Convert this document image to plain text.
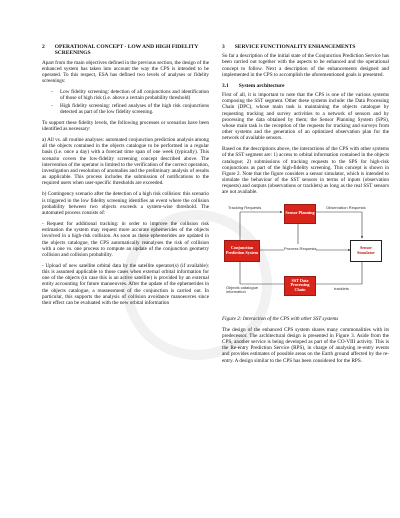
2 OPERATIONAL CONCEPT - LOW AND HIGH FIDELITY SCREENINGS

Apart from the main objectives defined in the previous section, the design of the enhanced system has taken into account the way the CPS is intended to be operated. To this respect, ESA has defined two levels of analyses or fidelity screenings:

- Low fidelity screening: detection of all conjunctions and identification of those of high risk (i.e. above a certain probability threshold)
- High fidelity screening: refined analyses of the high risk conjunctions detected as part of the low fidelity screening.

To support these fidelity levels, the following processes or scenarios have been identified as necessary:

a) All vs. all routine analyses: automated conjunction prediction analysis among all the objects contained in the objects catalogue to be performed in a regular basis (i.e. once a day) with a forecast time span of one week (typically). This scenario covers the low-fidelity screening concept described above. The intervention of the operator is limited to the verification of the correct operation, investigation and resolution of anomalies and the preliminary analysis of results as applicable. This process includes the submission of notifications to the required users when user-specific thresholds are exceeded.

b) Contingency scenario after the detection of a high risk collision: this scenario is triggered in the low fidelity screening identifies an event where the collision probability between two objects exceeds a system-wise threshold. The automated process consists of:

- Request for additional tracking: in order to improve the collision risk estimation the system may request more accurate ephemerides of the objects involved in a high-risk collision. As soon as these ephemerides are updated in the objects catalogue, the CPS automatically reanalyses the risk of collision with a one vs. one process to compute an update of the conjunction geometry collision and collision probability.

- Upload of new satellite orbital data by the satellite operator(s) (if available): this is assumed applicable to those cases when external orbital information for one of the objects (in case this is an active satellite) is provided by an external entity accounting for future manoeuvres. After the update of the ephemerides in the objects catalogue, a reassessment of the conjunction is carried out. In particular, this supports the analysis of collision avoidance manoeuvres since their effect can be evaluated with the new orbital information

3 SERVICE FUNCTIONALITY ENHANCEMENTS

So far a description of the initial state of the Conjunction Prediction Service has been carried out together with the aspects to be enhanced and the operational concept to follow. Next a description of the enhancements designed and implemented in the CPS to accomplish the aforementioned goals is presented.

3.1 System architecture

First of all, it is important to note that the CPS is one of the various systems composing the SST segment. Other these systems include: the Data Processing Chain (DPC), whose main task is maintaining the objects catalogue by requesting tracking and survey activities to a network of sensors and by processing the data obtained by them; the Sensor Planning System (SPS), whose main task is the reception of the requests for tracking and surveys from other systems and the generation of an optimized observation plan for the network of available sensors.

Based on the descriptions above, the interactions of the CPS with other systems of the SST segment are: 1) access to orbital information contained in the objects catalogue; 2) submissions of tracking requests to the SPS for high-risk conjunctions as part of the high-fidelity screening. This concept is shown in Figure 2. Note that the figure considers a sensor simulator, which is intended to simulate the behaviour of the SST sensors in terms of inputs (observation requests) and outputs (observations or tracklets) as long as the real SST sensors are not available.

Tracking Requests	Observation Requests
Sensor Planning
Conjunction Prediction System
Process Requests	Sensor Simulator
SST Data Processing Chain
Objects catalogue information
tracklets
Figure 2: Interaction of the CPS with other SST systems

The design of the enhanced CPS system shares many commonalities with its predecessor. The architectural design is presented in Figure 3. Aside from the CPS, another service is being developed as part of the CO-VIII activity. This is the Re-entry Prediction Service (RPS), in charge of analysing re-entry events and provides estimates of possible areas on the Earth ground affected by the re-entry. A design similar to the CPS has been considered for the RPS.
